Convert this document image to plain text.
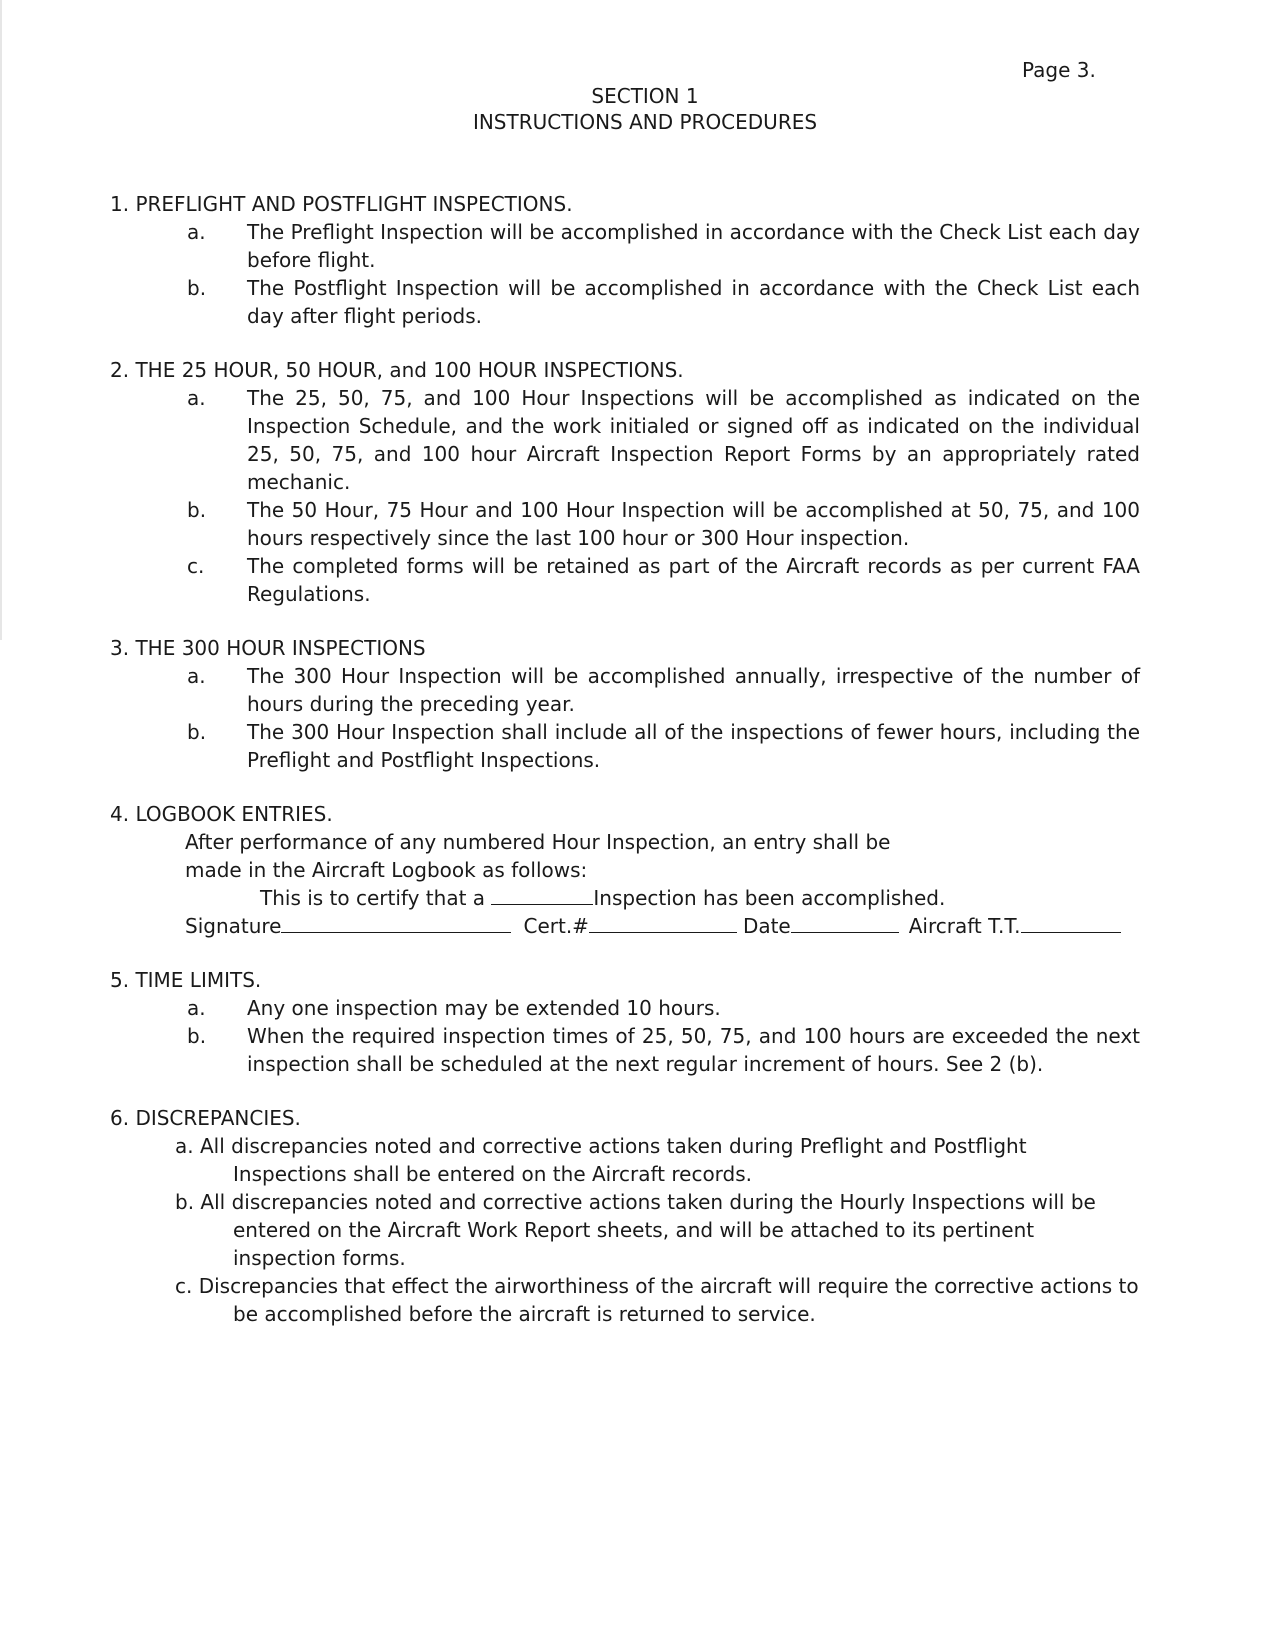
Page 3.
SECTION 1
INSTRUCTIONS AND PROCEDURES
1. PREFLIGHT AND POSTFLIGHT INSPECTIONS.
a.	The Preflight Inspection will be accomplished in accordance with the Check List each day before flight.
b.	The Postflight Inspection will be accomplished in accordance with the Check List each day after flight periods.
2. THE 25 HOUR, 50 HOUR, and 100 HOUR INSPECTIONS.
a.	The 25, 50, 75, and 100 Hour Inspections will be accomplished as indicated on the Inspection Schedule, and the work initialed or signed off as indicated on the individual 25, 50, 75, and 100 hour Aircraft Inspection Report Forms by an appropriately rated mechanic.
b.	The 50 Hour, 75 Hour and 100 Hour Inspection will be accomplished at 50, 75, and 100 hours respectively since the last 100 hour or 300 Hour inspection.
c.	The completed forms will be retained as part of the Aircraft records as per current FAA Regulations.
3. THE 300 HOUR INSPECTIONS
a.	The 300 Hour Inspection will be accomplished annually, irrespective of the number of hours during the preceding year.
b.	The 300 Hour Inspection shall include all of the inspections of fewer hours, including the Preflight and Postflight Inspections.
4. LOGBOOK ENTRIES.
After performance of any numbered Hour Inspection, an entry shall be
made in the Aircraft Logbook as follows:
This is to certify that a	Inspection has been accomplished.
Signature	Cert.#	Date	Aircraft T.T.
5. TIME LIMITS.
a.	Any one inspection may be extended 10 hours.
b.	When the required inspection times of 25, 50, 75, and 100 hours are exceeded the next inspection shall be scheduled at the next regular increment of hours. See 2 (b).
6. DISCREPANCIES.
a. All discrepancies noted and corrective actions taken during Preflight and Postflight Inspections shall be entered on the Aircraft records.
b. All discrepancies noted and corrective actions taken during the Hourly Inspections will be entered on the Aircraft Work Report sheets, and will be attached to its pertinent inspection forms.
c. Discrepancies that effect the airworthiness of the aircraft will require the corrective actions to be accomplished before the aircraft is returned to service.
